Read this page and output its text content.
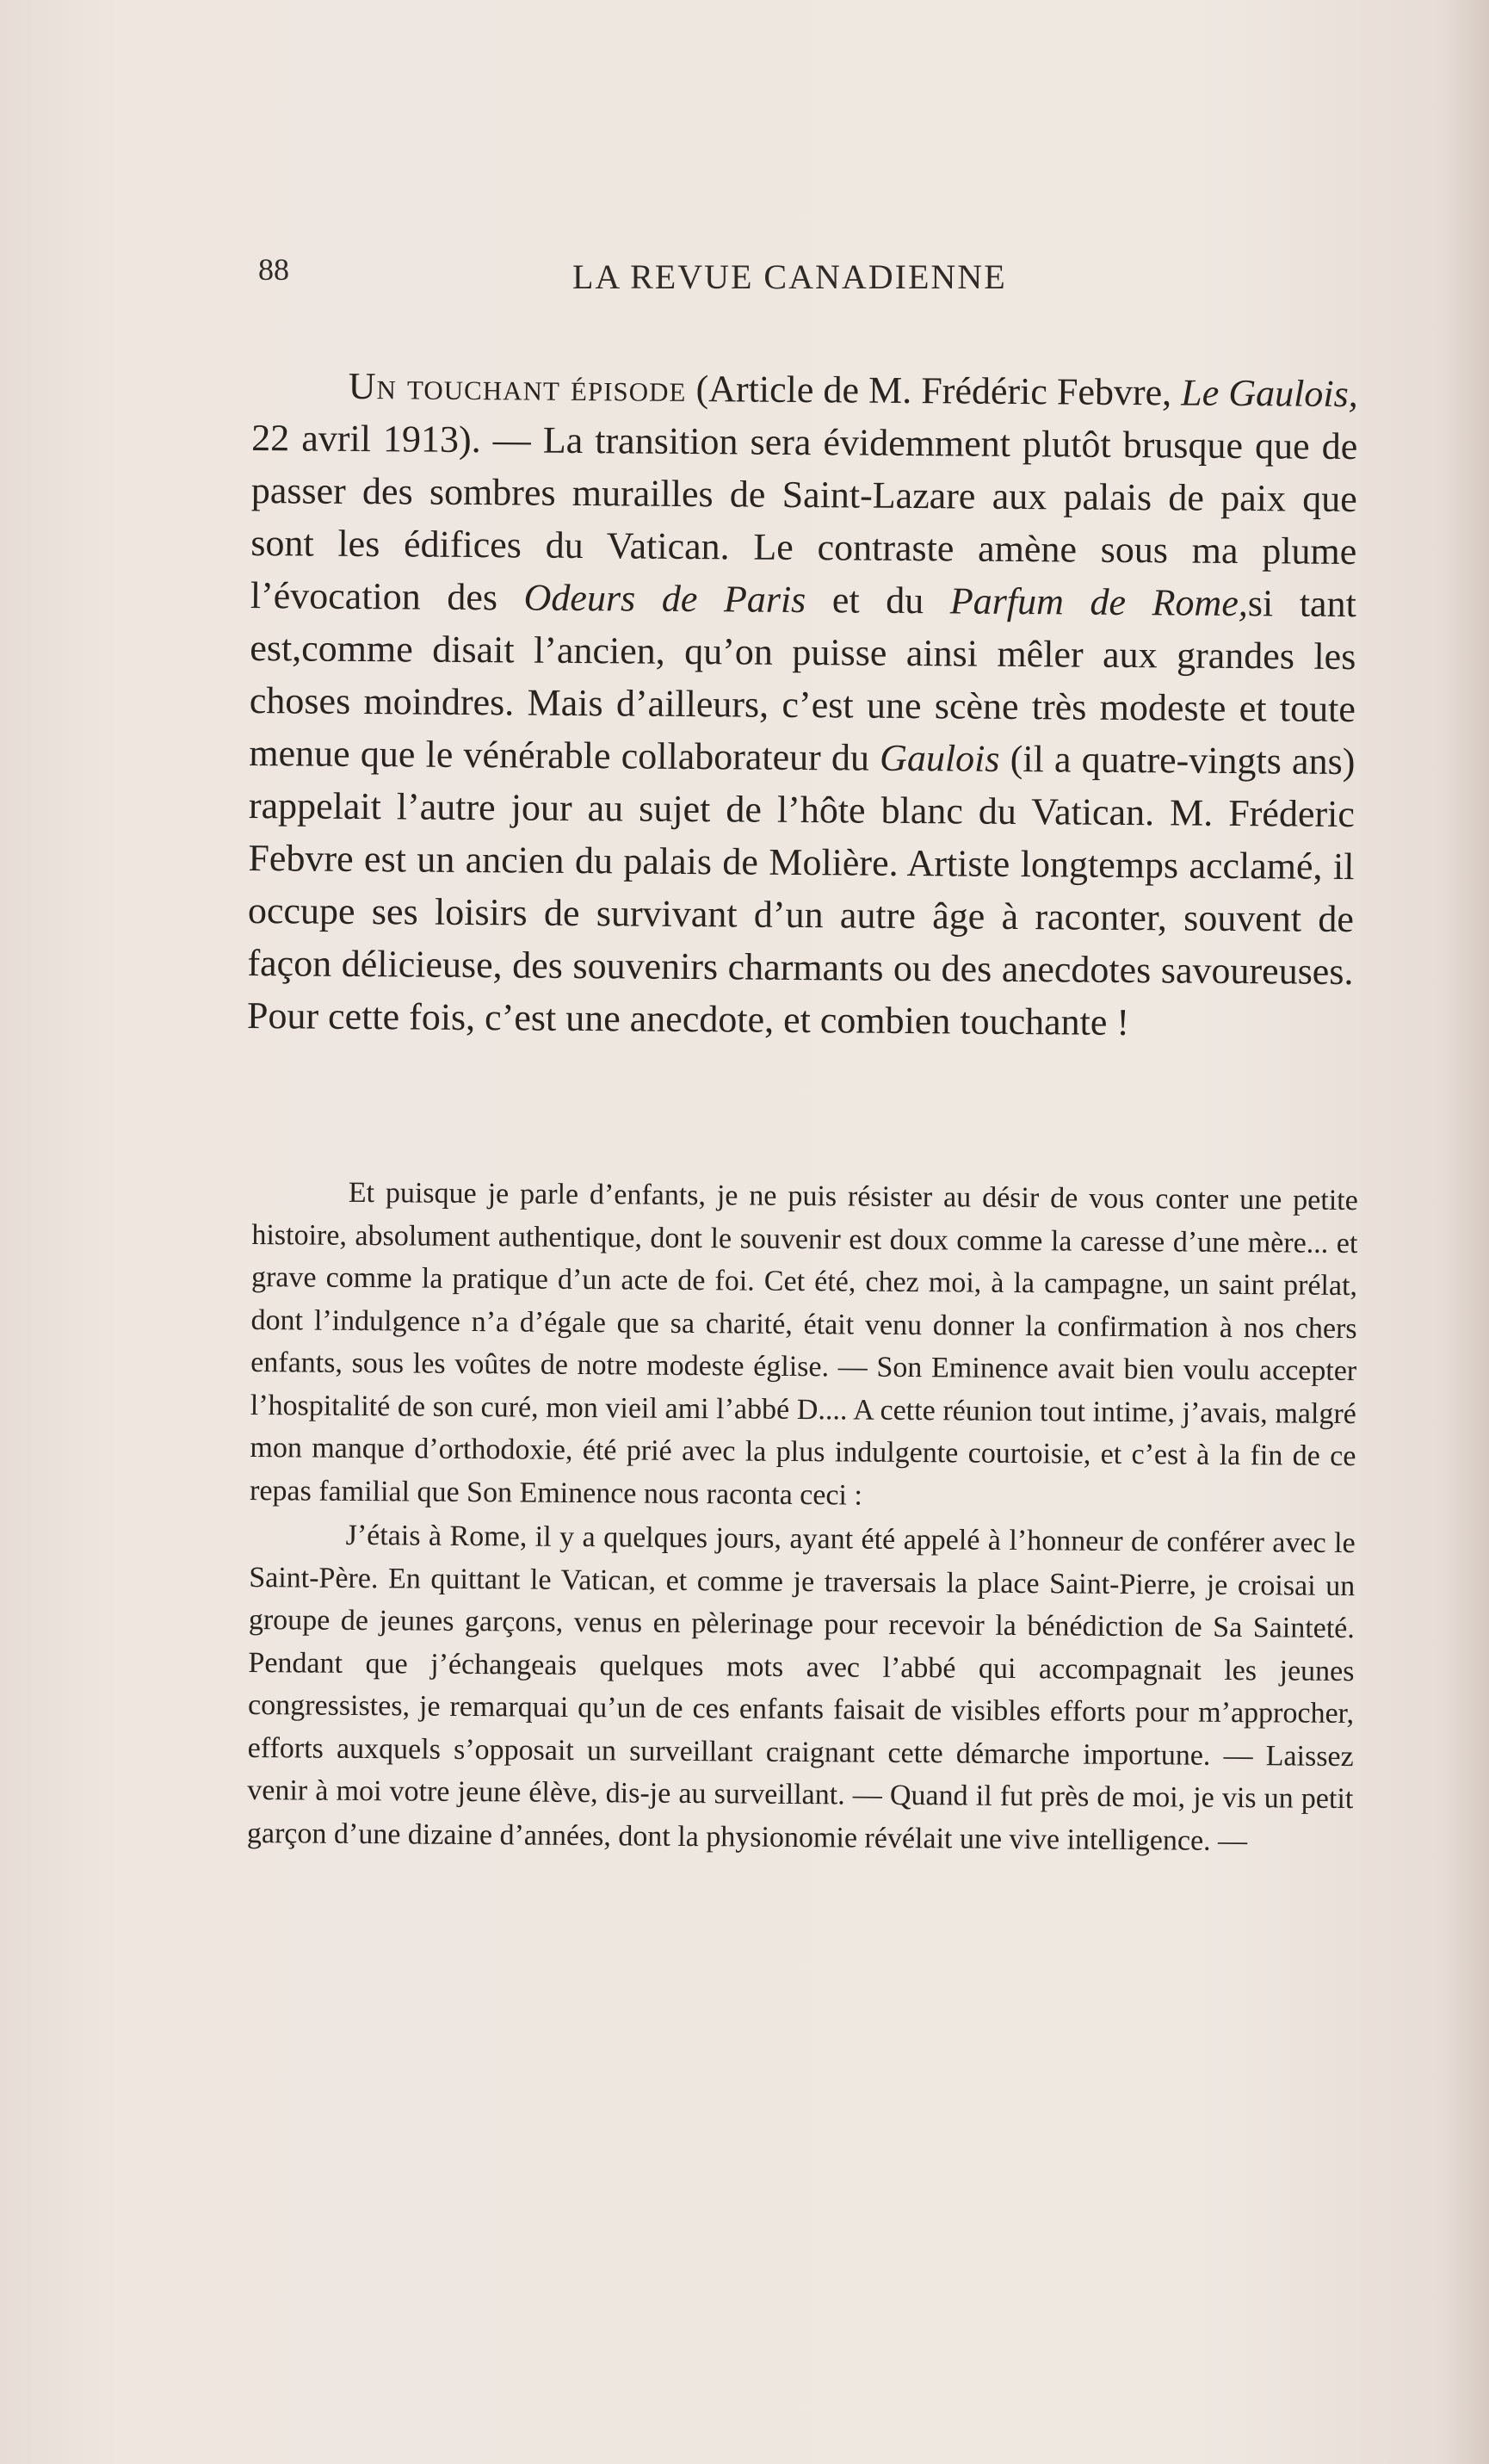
88	LA REVUE CANADIENNE

Un touchant épisode (Article de M. Frédéric Febvre, Le Gaulois, 22 avril 1913). — La transition sera évidemment plutôt brusque que de passer des sombres murailles de Saint-Lazare aux palais de paix que sont les édifices du Vatican. Le contraste amène sous ma plume l’évocation des Odeurs de Paris et du Parfum de Rome,si tant est,comme disait l’ancien, qu’on puisse ainsi mêler aux grandes les choses moindres. Mais d’ailleurs, c’est une scène très modeste et toute menue que le vénérable collaborateur du Gaulois (il a quatre-vingts ans) rappelait l’autre jour au sujet de l’hôte blanc du Vatican. M. Fréderic Febvre est un ancien du palais de Molière. Artiste longtemps acclamé, il occupe ses loisirs de survivant d’un autre âge à raconter, souvent de façon délicieuse, des souvenirs charmants ou des anecdotes savoureuses. Pour cette fois, c’est une anecdote, et combien touchante !

Et puisque je parle d’enfants, je ne puis résister au désir de vous conter une petite histoire, absolument authentique, dont le souvenir est doux comme la caresse d’une mère... et grave comme la pratique d’un acte de foi. Cet été, chez moi, à la campagne, un saint prélat, dont l’indulgence n’a d’égale que sa charité, était venu donner la confirmation à nos chers enfants, sous les voûtes de notre modeste église. — Son Eminence avait bien voulu accepter l’hospitalité de son curé, mon vieil ami l’abbé D.... A cette réunion tout intime, j’avais, malgré mon manque d’orthodoxie, été prié avec la plus indulgente courtoisie, et c’est à la fin de ce repas familial que Son Eminence nous raconta ceci :

J’étais à Rome, il y a quelques jours, ayant été appelé à l’honneur de conférer avec le Saint-Père. En quittant le Vatican, et comme je traversais la place Saint-Pierre, je croisai un groupe de jeunes garçons, venus en pèlerinage pour recevoir la bénédiction de Sa Sainteté. Pendant que j’échangeais quelques mots avec l’abbé qui accompagnait les jeunes congressistes, je remarquai qu’un de ces enfants faisait de visibles efforts pour m’approcher, efforts auxquels s’opposait un surveillant craignant cette démarche importune. — Laissez venir à moi votre jeune élève, dis-je au surveillant. — Quand il fut près de moi, je vis un petit garçon d’une dizaine d’années, dont la physionomie révélait une vive intelligence. —
